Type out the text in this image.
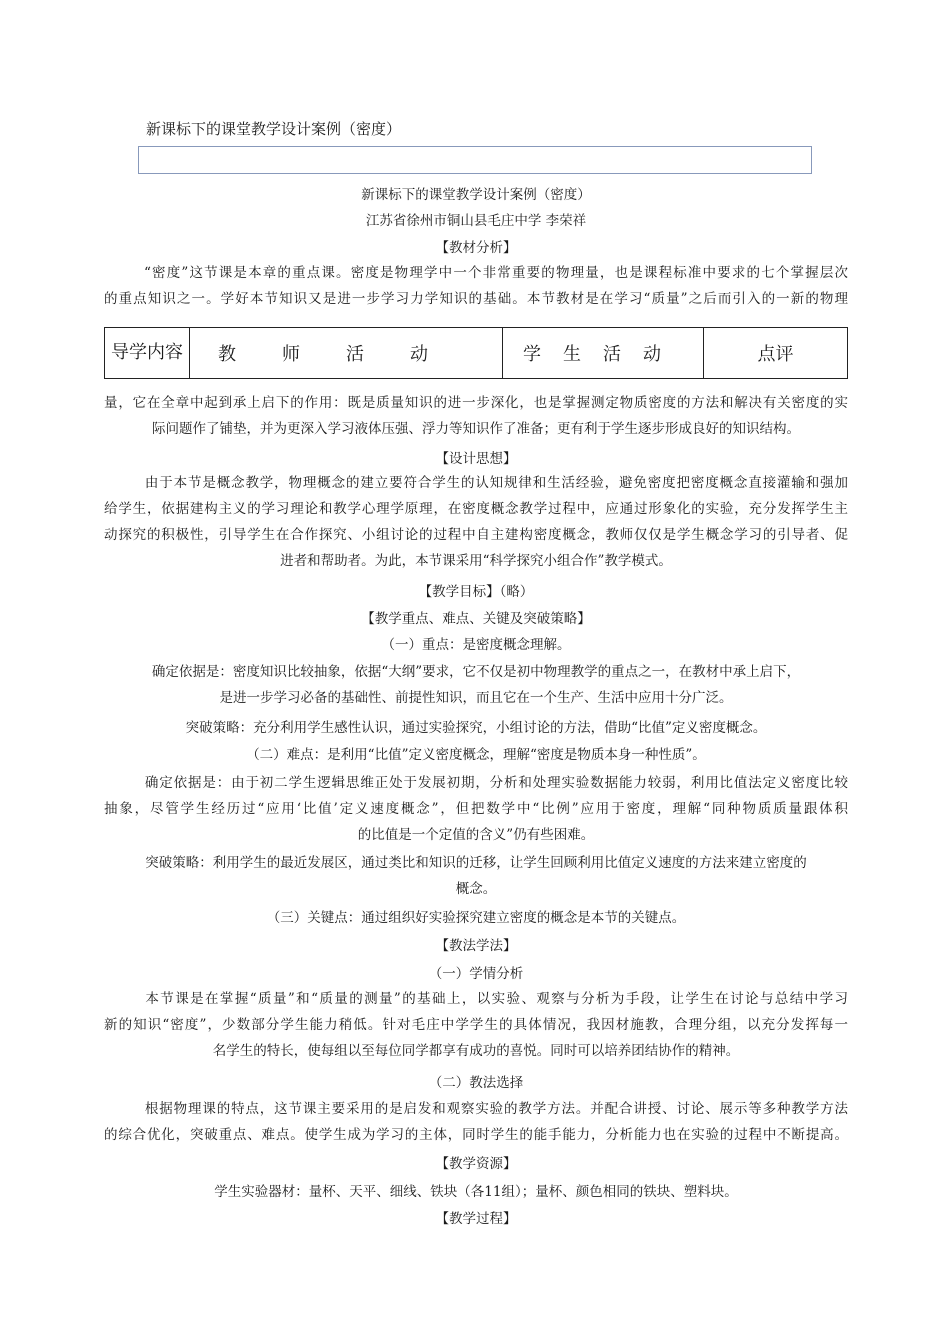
新课标下的课堂教学设计案例（密度）
新课标下的课堂教学设计案例（密度）
江苏省徐州市铜山县毛庄中学 李荣祥
【教材分析】
“密度”这节课是本章的重点课。密度是物理学中一个非常重要的物理量，也是课程标准中要求的七个掌握层次
的重点知识之一。学好本节知识又是进一步学习力学知识的基础。本节教材是在学习“质量”之后而引入的一新的物理
导学内容	教师活动	学生活动	点评
量，它在全章中起到承上启下的作用：既是质量知识的进一步深化，也是掌握测定物质密度的方法和解决有关密度的实
际问题作了铺垫，并为更深入学习液体压强、浮力等知识作了准备；更有利于学生逐步形成良好的知识结构。
【设计思想】
由于本节是概念教学，物理概念的建立要符合学生的认知规律和生活经验，避免密度把密度概念直接灌输和强加
给学生，依据建构主义的学习理论和教学心理学原理，在密度概念教学过程中，应通过形象化的实验，充分发挥学生主
动探究的积极性，引导学生在合作探究、小组讨论的过程中自主建构密度概念，教师仅仅是学生概念学习的引导者、促
进者和帮助者。为此，本节课采用“科学探究小组合作”教学模式。
【教学目标】（略）
【教学重点、难点、关键及突破策略】
（一）重点：是密度概念理解。
确定依据是：密度知识比较抽象，依据“大纲”要求，它不仅是初中物理教学的重点之一，在教材中承上启下，
是进一步学习必备的基础性、前提性知识，而且它在一个生产、生活中应用十分广泛。
突破策略：充分利用学生感性认识，通过实验探究，小组讨论的方法，借助“比值”定义密度概念。
（二）难点：是利用“比值”定义密度概念，理解“密度是物质本身一种性质”。
确定依据是：由于初二学生逻辑思维正处于发展初期，分析和处理实验数据能力较弱，利用比值法定义密度比较
抽象，尽管学生经历过“应用‘比值’定义速度概念”，但把数学中“比例”应用于密度，理解“同种物质质量跟体积
的比值是一个定值的含义”仍有些困难。
突破策略：利用学生的最近发展区，通过类比和知识的迁移，让学生回顾利用比值定义速度的方法来建立密度的
概念。
（三）关键点：通过组织好实验探究建立密度的概念是本节的关键点。
【教法学法】
（一）学情分析
本节课是在掌握“质量”和“质量的测量”的基础上，以实验、观察与分析为手段，让学生在讨论与总结中学习
新的知识“密度”，少数部分学生能力稍低。针对毛庄中学学生的具体情况，我因材施教，合理分组，以充分发挥每一
名学生的特长，使每组以至每位同学都享有成功的喜悦。同时可以培养团结协作的精神。
（二）教法选择
根据物理课的特点，这节课主要采用的是启发和观察实验的教学方法。并配合讲授、讨论、展示等多种教学方法
的综合优化，突破重点、难点。使学生成为学习的主体，同时学生的能手能力，分析能力也在实验的过程中不断提高。
【教学资源】
学生实验器材：量杯、天平、细线、铁块（各11组）；量杯、颜色相同的铁块、塑料块。
【教学过程】
